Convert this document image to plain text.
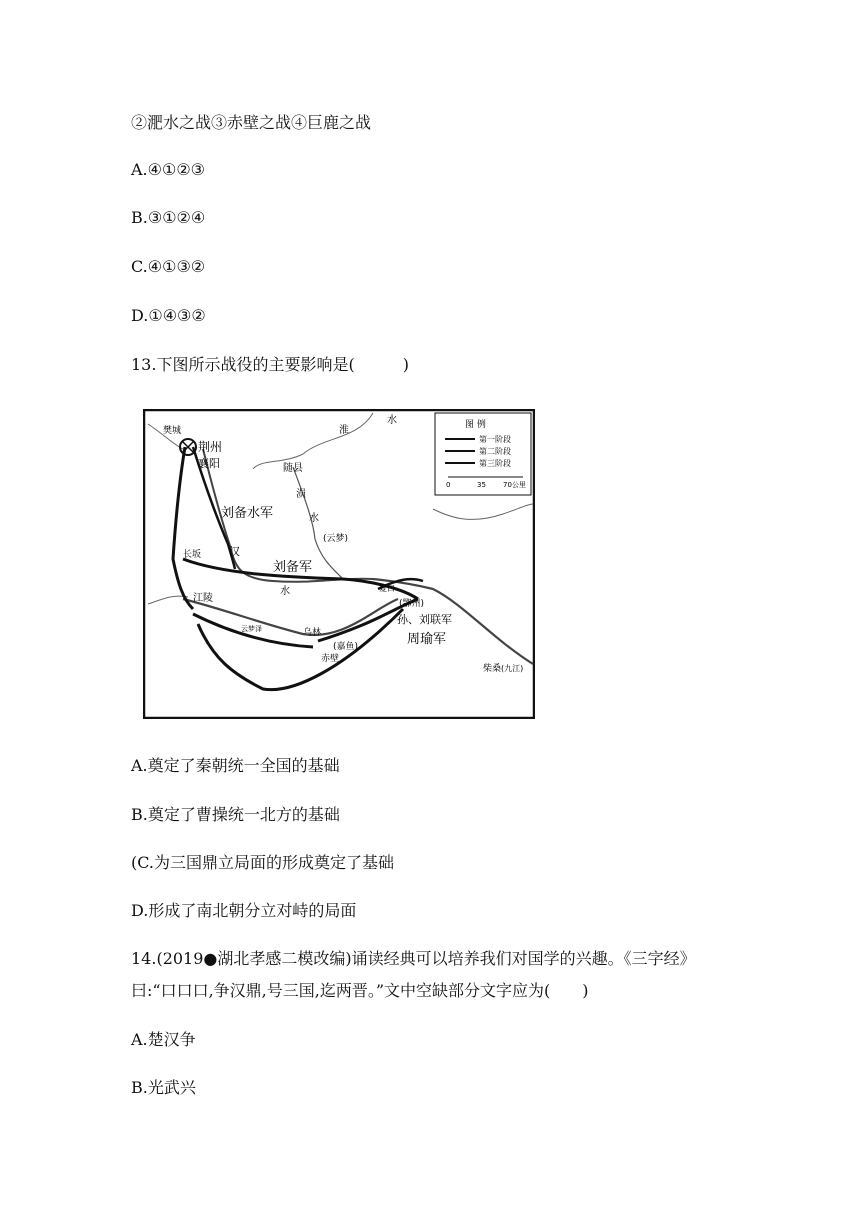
②淝水之战③赤壁之战④巨鹿之战
A.④①②③
B.③①②④
C.④①③②
D.①④③②
13.下图所示战役的主要影响是(　　　)
图 例
第一阶段
第二阶段
第三阶段
0	35 70公里
樊城
荆州
襄阳
淮
水
随县
涢
水
(云梦)
刘备水军
汉
长坂
刘备军
水
江陵
夏口
(鄂州)
孙、刘联军
乌林
(嘉鱼)
赤壁
周瑜军
云梦泽
柴桑 (九江)
A.奠定了秦朝统一全国的基础
B.奠定了曹操统一北方的基础
(C.为三国鼎立局面的形成奠定了基础
D.形成了南北朝分立对峙的局面
14.(2019●湖北孝感二模改编)诵读经典可以培养我们对国学的兴趣。《三字经》
曰:“口口口,争汉鼎,号三国,迄两晋。”文中空缺部分文字应为(　　)
A.楚汉争
B.光武兴
